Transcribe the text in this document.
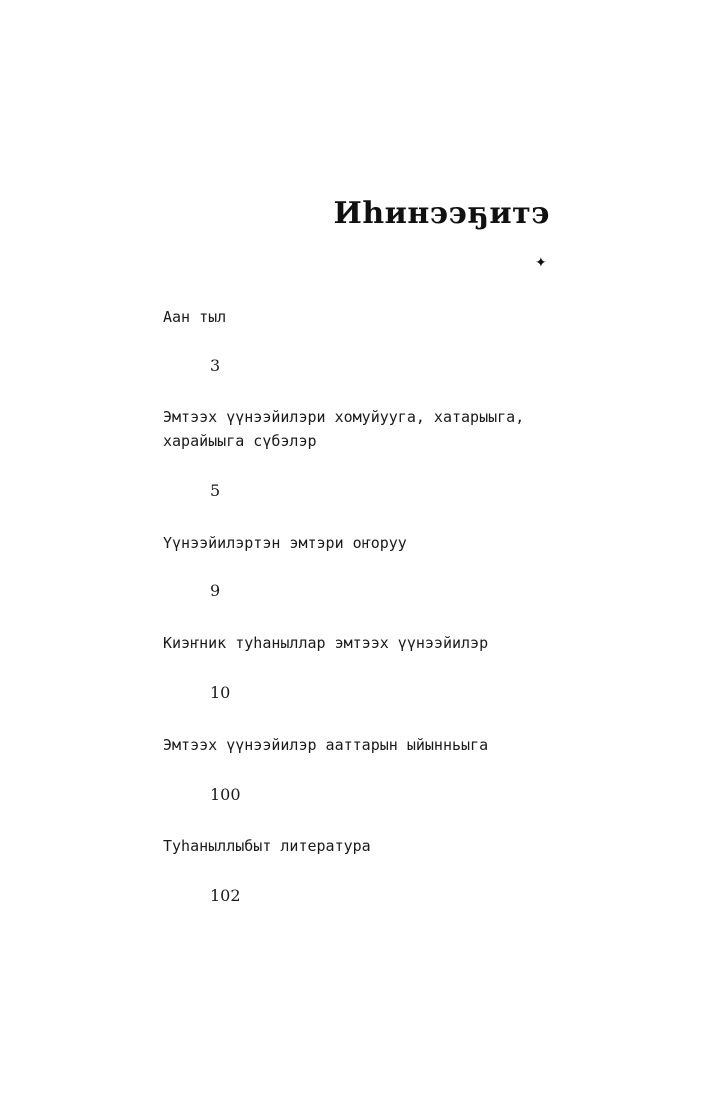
Иһинээҕитэ
✦
Аан тыл
3
Эмтээх үүнээйилэри хомуйууга, хатарыыга,
харайыыга сүбэлэр
5
Үүнээйилэртэн эмтэри оҥоруу
9
Киэҥник туһаныллар эмтээх үүнээйилэр
10
Эмтээх үүнээйилэр ааттарын ыйынньыга
100
Туһаныллыбыт литература
102
